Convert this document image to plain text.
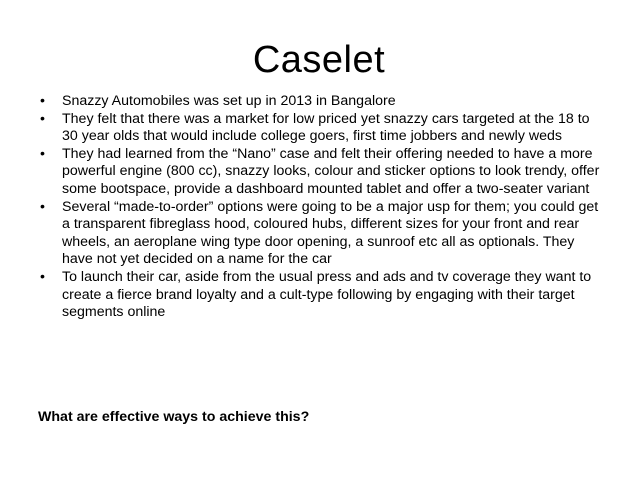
Caselet
•	Snazzy Automobiles was set up in 2013 in Bangalore
•	They felt that there was a market for low priced yet snazzy cars targeted at the 18 to 30 year olds that would include college goers, first time jobbers and newly weds
•	They had learned from the “Nano” case and felt their offering needed to have a more powerful engine (800 cc), snazzy looks, colour and sticker options to look trendy, offer some bootspace, provide a dashboard mounted tablet and offer a two-seater variant
•	Several “made-to-order” options were going to be a major usp for them; you could get a transparent fibreglass hood, coloured hubs, different sizes for your front and rear wheels, an aeroplane wing type door opening, a sunroof etc all as optionals. They have not yet decided on a name for the car
•	To launch their car, aside from the usual press and ads and tv coverage they want to create a fierce brand loyalty and a cult-type following by engaging with their target segments online
What are effective ways to achieve this?
